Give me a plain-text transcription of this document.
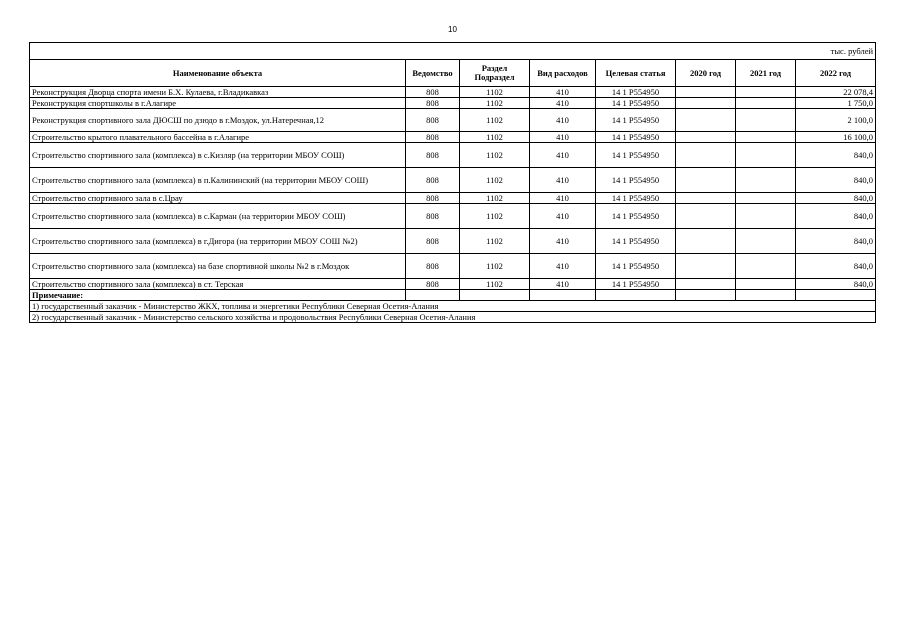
10
тыс. рублей							
Наименование объекта	Ведомство	Раздел Подраздел	Вид расходов	Целевая статья	2020 год	2021 год	2022 год
Реконструкция Дворца спорта имени Б.Х. Кулаева, г.Владикавказ	808	1102	410	14 1 P554950			22 078,4
Реконструкция спортшколы в г.Алагире	808	1102	410	14 1 P554950			1 750,0
Реконструкция спортивного зала ДЮСШ по дзюдо в г.Моздок, ул.Натеречная,12	808	1102	410	14 1 P554950			2 100,0
Строительство крытого плавательного бассейна в г.Алагире	808	1102	410	14 1 P554950			16 100,0
Строительство спортивного зала (комплекса) в с.Кизляр (на территории МБОУ СОШ)	808	1102	410	14 1 P554950			840,0
Строительство спортивного зала (комплекса) в п.Калининский (на территории МБОУ СОШ)	808	1102	410	14 1 P554950			840,0
Строительство спортивного зала в с.Црау	808	1102	410	14 1 P554950			840,0
Строительство спортивного зала (комплекса) в с.Карман (на территории МБОУ СОШ)	808	1102	410	14 1 P554950			840,0
Строительство спортивного зала (комплекса) в г.Дигора (на территории МБОУ СОШ №2)	808	1102	410	14 1 P554950			840,0
Строительство спортивного зала (комплекса) на базе спортивной школы №2 в г.Моздок	808	1102	410	14 1 P554950			840,0
Строительство спортивного зала (комплекса) в ст. Терская	808	1102	410	14 1 P554950			840,0
Примечание:							
1) государственный заказчик - Министерство ЖКХ, топлива и энергетики Республики Северная Осетия-Алания							
2) государственный заказчик - Министерство сельского хозяйства и продовольствия Республики Северная Осетия-Алания							
